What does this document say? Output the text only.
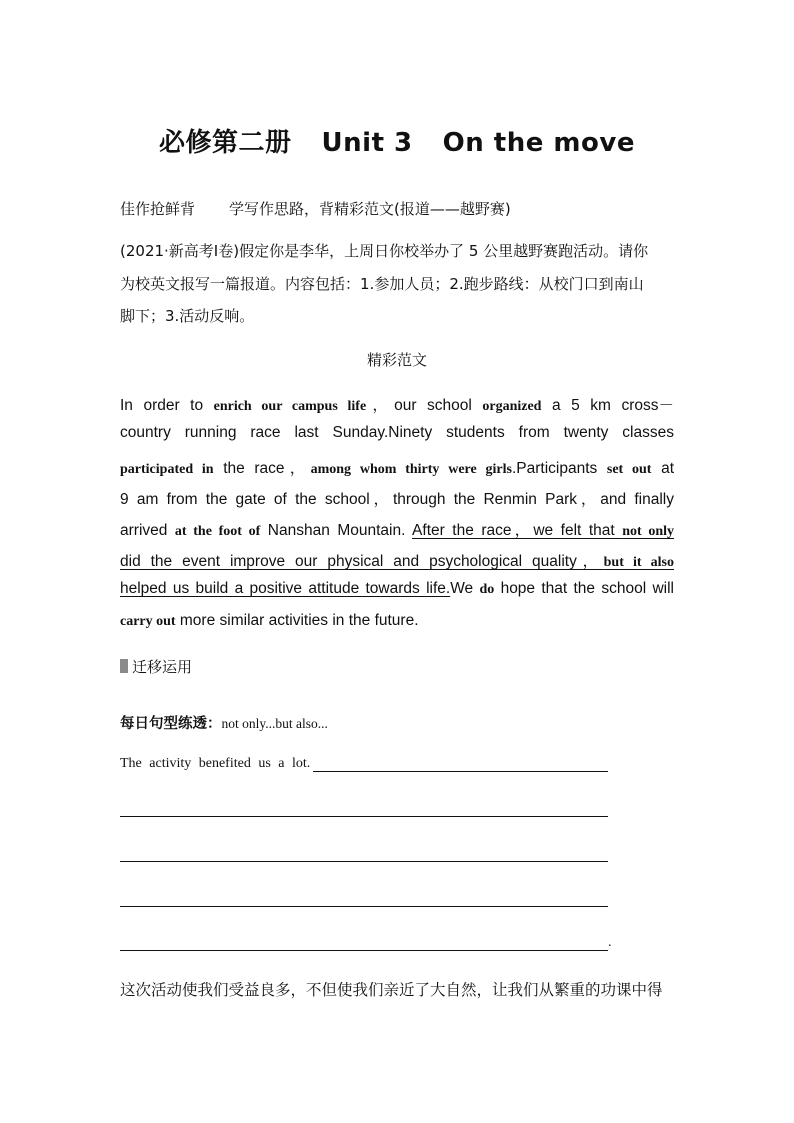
必修第二册 Unit 3 On the move
佳作抢鲜背 学写作思路，背精彩范文(报道——越野赛)
(2021·新高考Ⅰ卷)假定你是李华，上周日你校举办了 5 公里越野赛跑活动。请你
为校英文报写一篇报道。内容包括：1.参加人员；2.跑步路线：从校门口到南山
脚下；3.活动反响。
精彩范文
In order to enrich our campus life，our school organized a 5 km cross－
country running race last Sunday.Ninety students from twenty classes
participated in the race，among whom thirty were girls.Participants set out at
9 am from the gate of the school，through the Renmin Park，and finally
arrived at the foot of Nanshan Mountain. After the race，we felt that not only
did the event improve our physical and psychological quality，but it also
helped us build a positive attitude towards life.We do hope that the school will
carry out more similar activities in the future.
迁移运用
每日句型练透：not only...but also...
The activity benefited us a lot.
.
这次活动使我们受益良多，不但使我们亲近了大自然，让我们从繁重的功课中得
